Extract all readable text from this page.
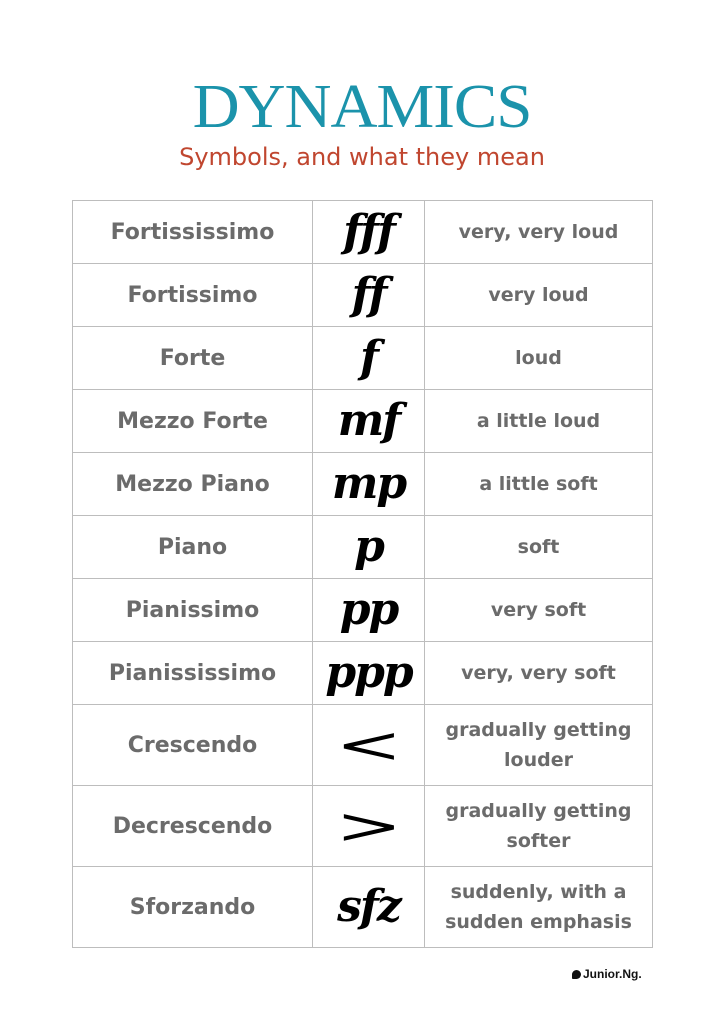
DYNAMICS
Symbols, and what they mean
Fortississimo	fff	very, very loud
Fortissimo	ff	very loud
Forte	f	loud
Mezzo Forte	mf	a little loud
Mezzo Piano	mp	a little soft
Piano	p	soft
Pianissimo	pp	very soft
Pianississimo	ppp	very, very soft
Crescendo	<	gradually getting louder
Decrescendo	>	gradually getting softer
Sforzando	sfz	suddenly, with a sudden emphasis
Junior.Ng.
